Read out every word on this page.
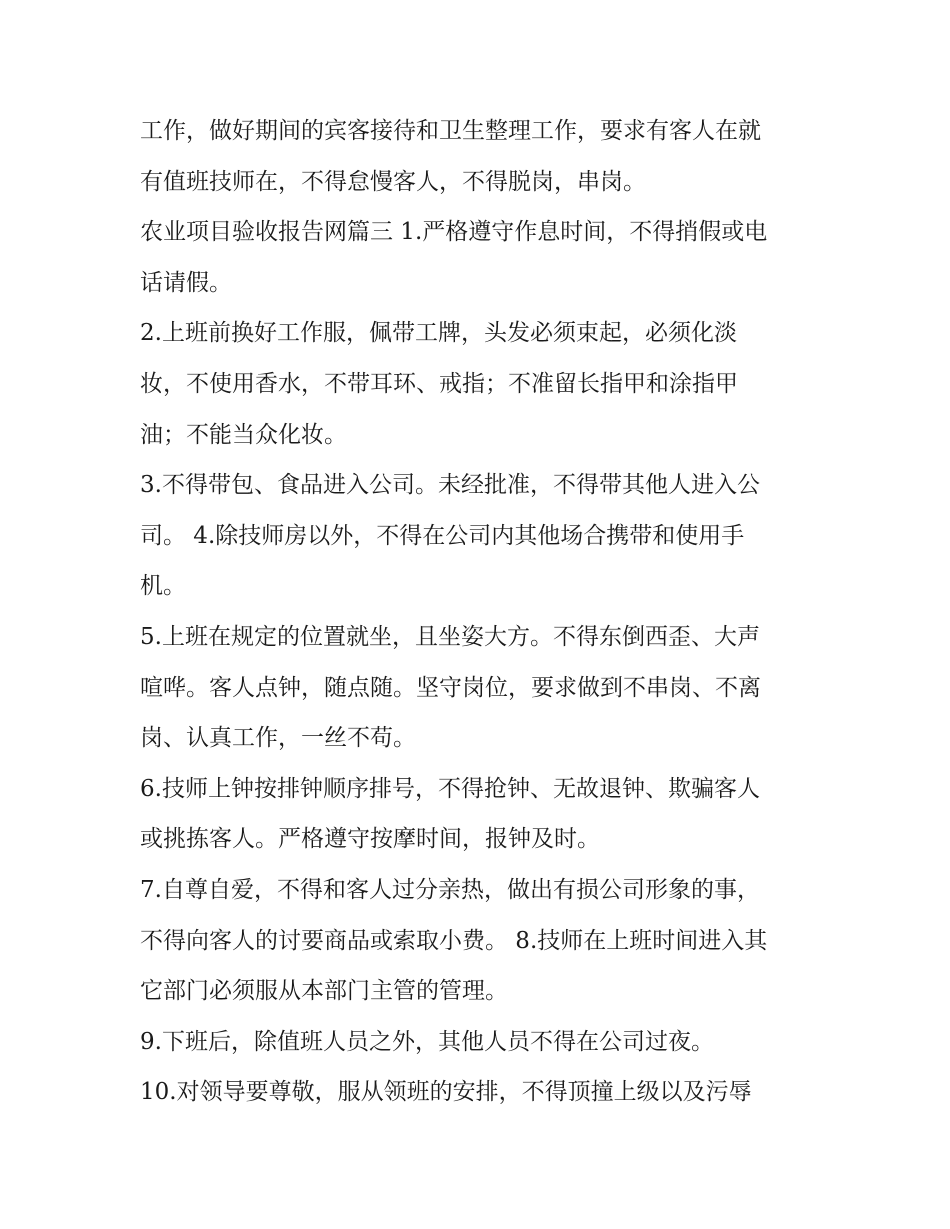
工作，做好期间的宾客接待和卫生整理工作，要求有客人在就
有值班技师在，不得怠慢客人，不得脱岗，串岗。
农业项目验收报告网篇三 1.严格遵守作息时间，不得捎假或电
话请假。
2.上班前换好工作服，佩带工牌，头发必须束起，必须化淡
妆，不使用香水，不带耳环、戒指；不准留长指甲和涂指甲
油；不能当众化妆。
3.不得带包、食品进入公司。未经批准，不得带其他人进入公
司。 4.除技师房以外，不得在公司内其他场合携带和使用手
机。
5.上班在规定的位置就坐，且坐姿大方。不得东倒西歪、大声
喧哗。客人点钟，随点随。坚守岗位，要求做到不串岗、不离
岗、认真工作，一丝不苟。
6.技师上钟按排钟顺序排号，不得抢钟、无故退钟、欺骗客人
或挑拣客人。严格遵守按摩时间，报钟及时。
7.自尊自爱，不得和客人过分亲热，做出有损公司形象的事，
不得向客人的讨要商品或索取小费。 8.技师在上班时间进入其
它部门必须服从本部门主管的管理。
9.下班后，除值班人员之外，其他人员不得在公司过夜。
10.对领导要尊敬，服从领班的安排，不得顶撞上级以及污辱
